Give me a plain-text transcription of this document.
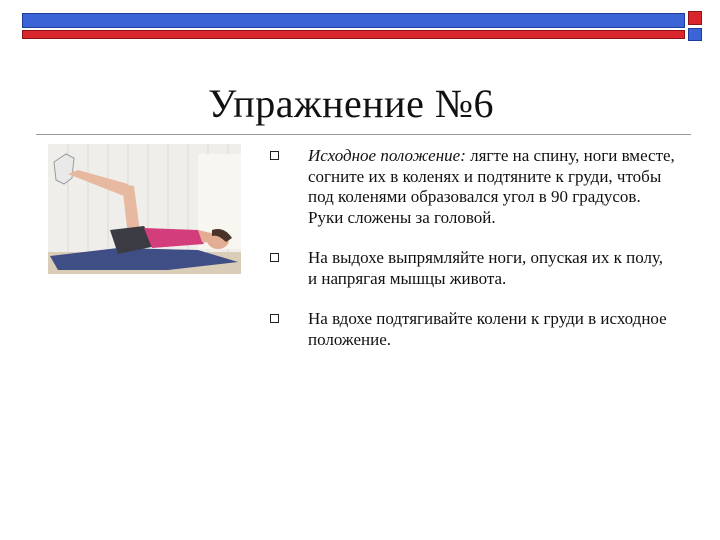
Упражнение №6
Исходное положение: лягте на спину, ноги вместе, согните их в коленях и подтяните к груди, чтобы под коленями образовался угол в 90 градусов. Руки сложены за головой.
На выдохе выпрямляйте ноги, опуская их к полу, и напрягая мышцы живота.
На вдохе подтягивайте колени к груди в исходное положение.
